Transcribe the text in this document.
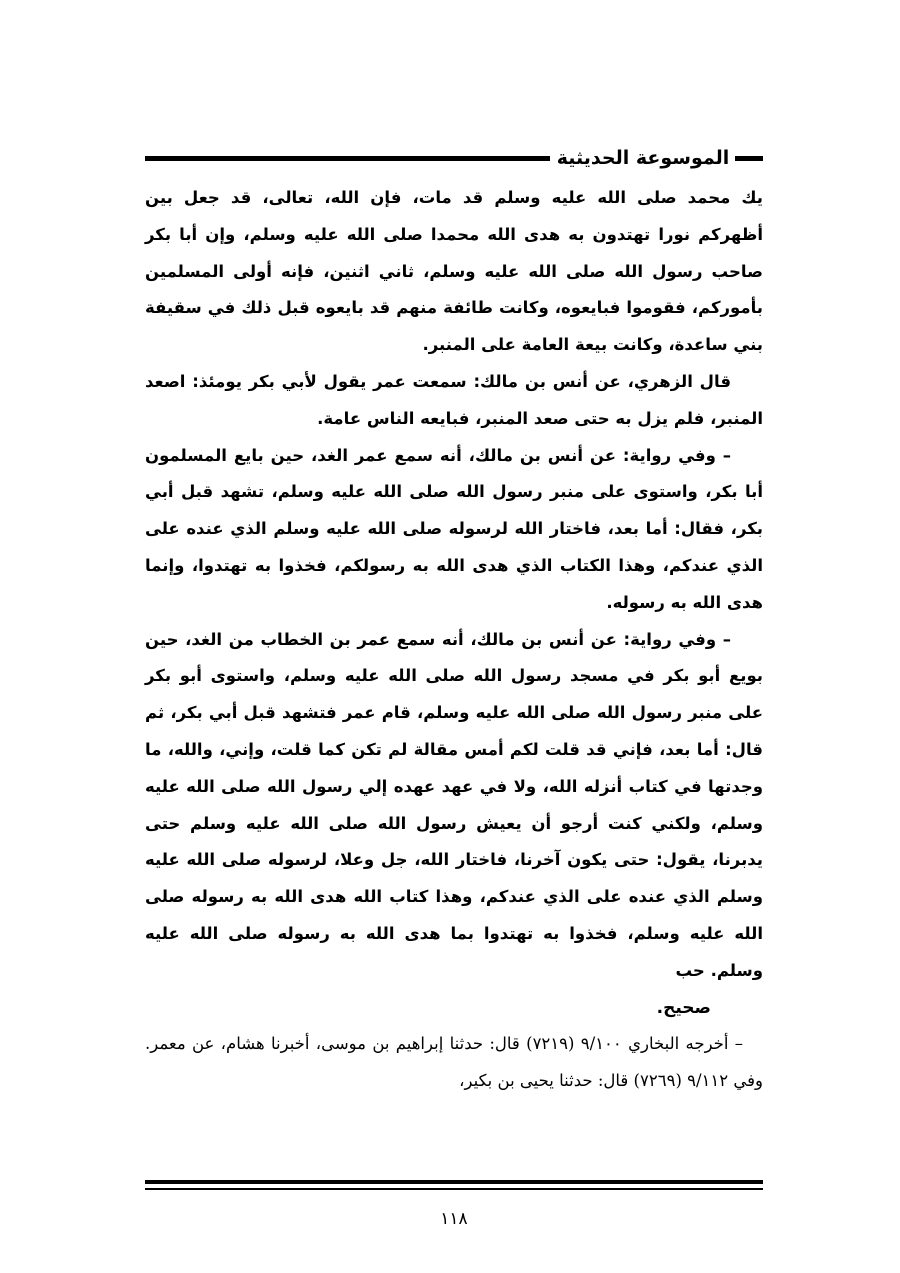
الموسوعة الحديثية

يك محمد صلى الله عليه وسلم قد مات، فإن الله، تعالى، قد جعل بين أظهركم نورا تهتدون به هدى الله محمدا صلى الله عليه وسلم، وإن أبا بكر صاحب رسول الله صلى الله عليه وسلم، ثاني اثنين، فإنه أولى المسلمين بأموركم، فقوموا فبايعوه، وكانت طائفة منهم قد بايعوه قبل ذلك في سقيفة بني ساعدة، وكانت بيعة العامة على المنبر.

قال الزهري، عن أنس بن مالك: سمعت عمر يقول لأبي بكر يومئذ: اصعد المنبر، فلم يزل به حتى صعد المنبر، فبايعه الناس عامة.

– وفي رواية: عن أنس بن مالك، أنه سمع عمر الغد، حين بايع المسلمون أبا بكر، واستوى على منبر رسول الله صلى الله عليه وسلم، تشهد قبل أبي بكر، فقال: أما بعد، فاختار الله لرسوله صلى الله عليه وسلم الذي عنده على الذي عندكم، وهذا الكتاب الذي هدى الله به رسولكم، فخذوا به تهتدوا، وإنما هدى الله به رسوله.

– وفي رواية: عن أنس بن مالك، أنه سمع عمر بن الخطاب من الغد، حين بويع أبو بكر في مسجد رسول الله صلى الله عليه وسلم، واستوى أبو بكر على منبر رسول الله صلى الله عليه وسلم، قام عمر فتشهد قبل أبي بكر، ثم قال: أما بعد، فإني قد قلت لكم أمس مقالة لم تكن كما قلت، وإني، والله، ما وجدتها في كتاب أنزله الله، ولا في عهد عهده إلي رسول الله صلى الله عليه وسلم، ولكني كنت أرجو أن يعيش رسول الله صلى الله عليه وسلم حتى يدبرنا، يقول: حتى يكون آخرنا، فاختار الله، جل وعلا، لرسوله صلى الله عليه وسلم الذي عنده على الذي عندكم، وهذا كتاب الله هدى الله به رسوله صلى الله عليه وسلم، فخذوا به تهتدوا بما هدى الله به رسوله صلى الله عليه وسلم. حب

صحيح.

– أخرجه البخاري ٩/١٠٠ (٧٢١٩) قال: حدثنا إبراهيم بن موسى، أخبرنا هشام، عن معمر. وفي ٩/١١٢ (٧٢٦٩) قال: حدثنا يحيى بن بكير،

١١٨
